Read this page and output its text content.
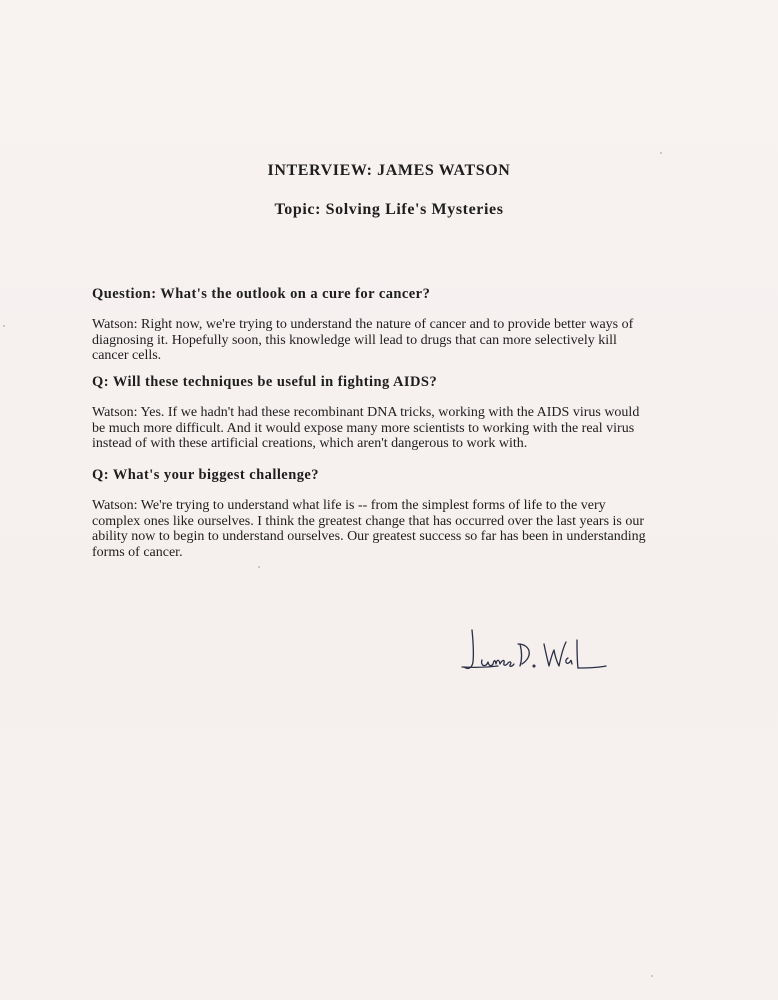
INTERVIEW: JAMES WATSON
Topic: Solving Life's Mysteries

Question: What's the outlook on a cure for cancer?

Watson: Right now, we're trying to understand the nature of cancer and to provide better ways of
diagnosing it. Hopefully soon, this knowledge will lead to drugs that can more selectively kill
cancer cells.

Q: Will these techniques be useful in fighting AIDS?

Watson: Yes. If we hadn't had these recombinant DNA tricks, working with the AIDS virus would
be much more difficult. And it would expose many more scientists to working with the real virus
instead of with these artificial creations, which aren't dangerous to work with.

Q: What's your biggest challenge?

Watson: We're trying to understand what life is -- from the simplest forms of life to the very
complex ones like ourselves. I think the greatest change that has occurred over the last years is our
ability now to begin to understand ourselves. Our greatest success so far has been in understanding
forms of cancer.
